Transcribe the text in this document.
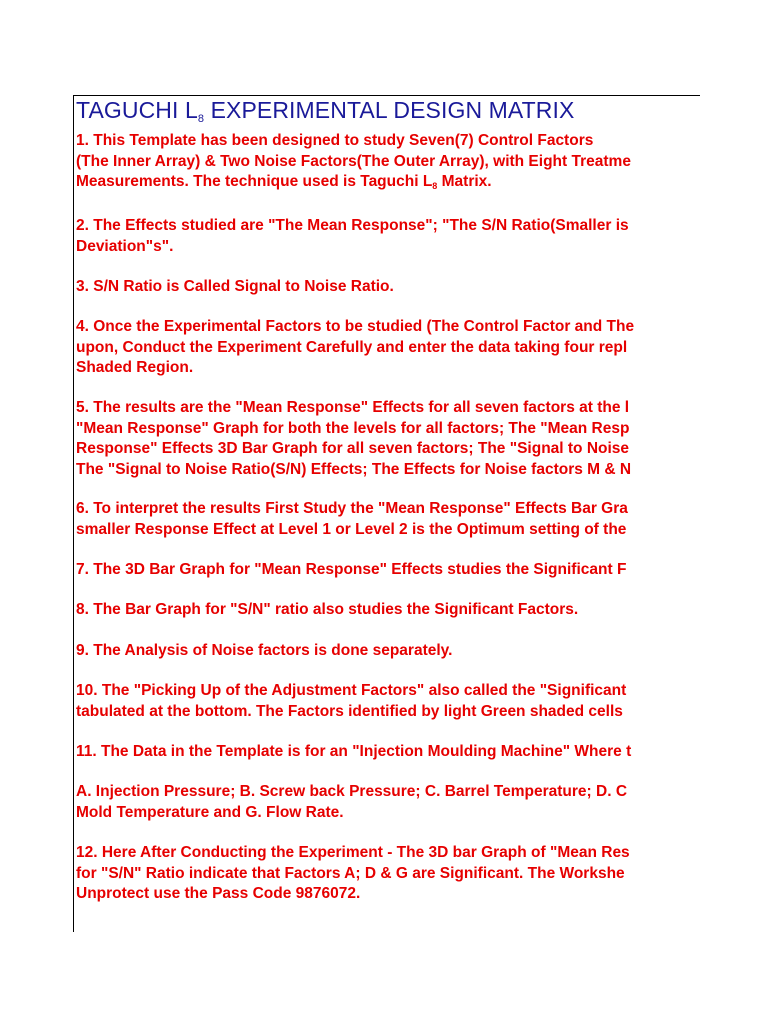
TAGUCHI $L_8$ EXPERIMENTAL DESIGN MATRIX
1. This Template has been designed to study Seven(7) Control Factors
(The Inner Array) & Two Noise Factors(The Outer Array), with Eight Treatme
Measurements. The technique used is Taguchi $L_8$ Matrix.
2. The Effects studied are "The Mean Response"; "The S/N Ratio(Smaller is
Deviation"s".
3. S/N Ratio is Called Signal to Noise Ratio.
4. Once the Experimental Factors to be studied (The Control Factor and The
upon, Conduct the Experiment Carefully and enter the data taking four repl
Shaded Region.
5. The results are the "Mean Response" Effects for all seven factors at the l
"Mean Response" Graph for both the levels for all factors; The "Mean Resp
Response" Effects 3D Bar Graph for all seven factors; The "Signal to Noise
The "Signal to Noise Ratio(S/N) Effects; The Effects for Noise factors M & N
6. To interpret the results First Study the "Mean Response" Effects Bar Gra
smaller Response Effect at Level 1 or Level 2 is the Optimum setting of the
7. The 3D Bar Graph for "Mean Response" Effects studies the Significant F
8. The Bar Graph for "S/N" ratio also studies the Significant Factors.
9. The Analysis of Noise factors is done separately.
10. The "Picking Up of the Adjustment Factors" also called the "Significant
tabulated at the bottom. The Factors identified by light Green shaded cells
11. The Data in the Template is for an "Injection Moulding Machine" Where t
A. Injection Pressure; B. Screw back Pressure; C. Barrel Temperature; D. C
Mold Temperature and G. Flow Rate.
12. Here After Conducting the Experiment - The 3D bar Graph of "Mean Res
for "S/N" Ratio indicate that Factors A; D & G are Significant. The Workshe
Unprotect use the Pass Code 9876072.
